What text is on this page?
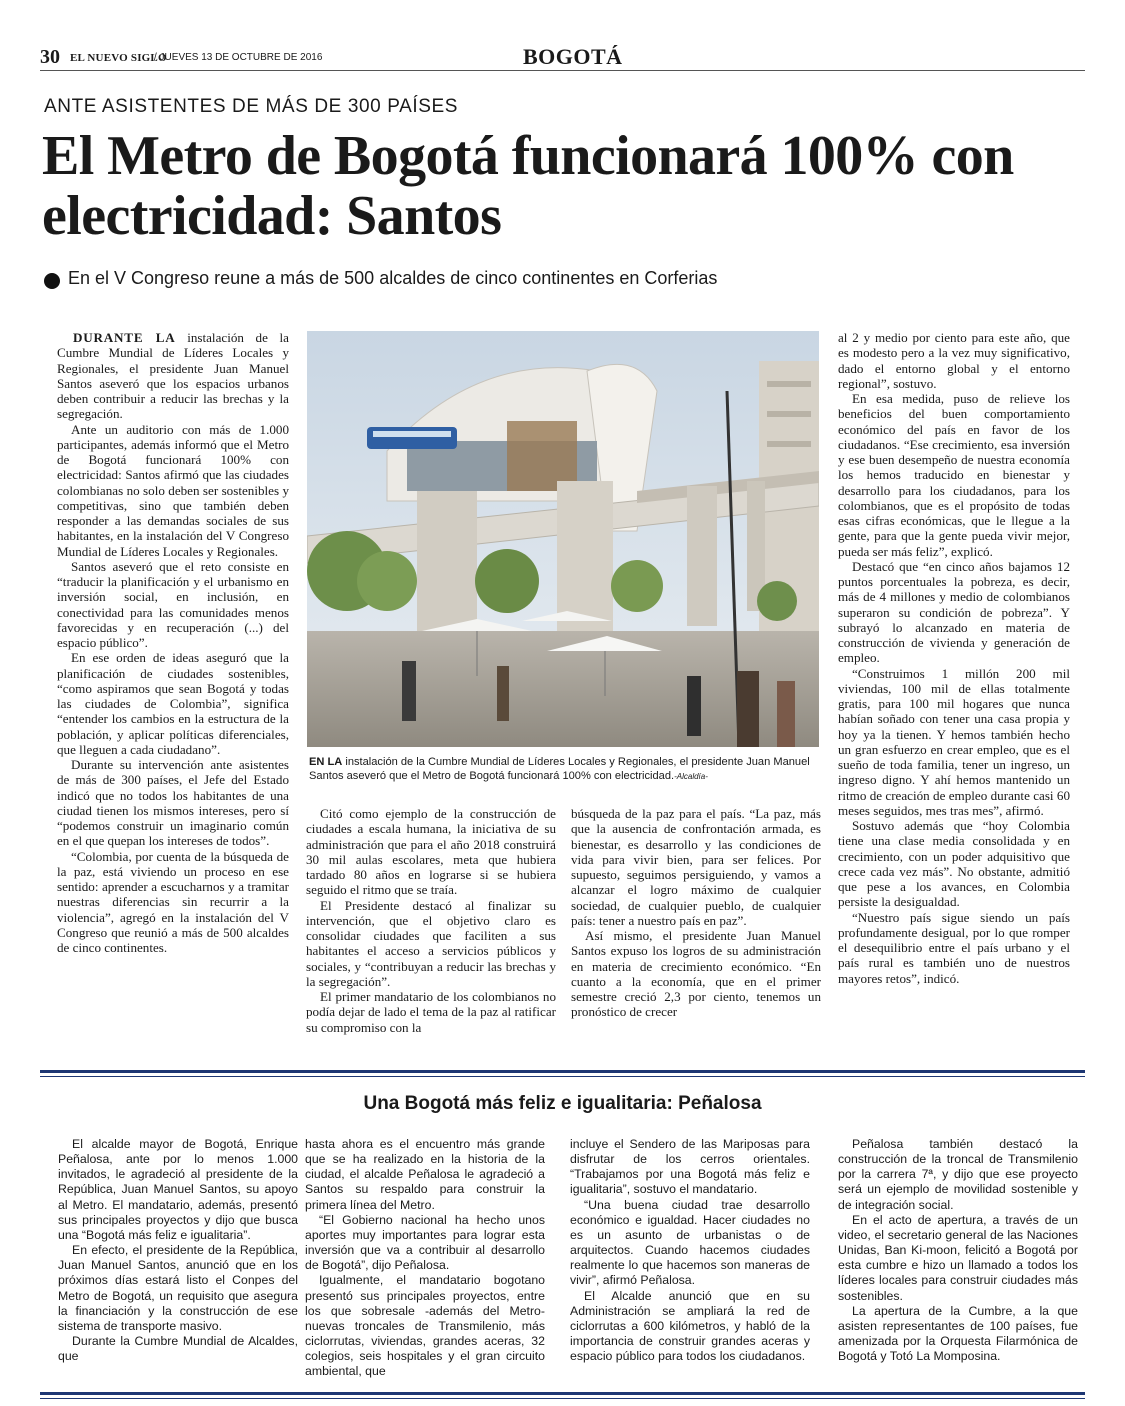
30 EL NUEVO SIGLO
/ JUEVES 13 DE OCTUBRE DE 2016	BOGOTÁ
ANTE ASISTENTES DE MÁS DE 300 PAÍSES
El Metro de Bogotá funcionará 100% con electricidad: Santos
En el V Congreso reune a más de 500 alcaldes de cinco continentes en Corferias

DURANTE LA instalación de la Cumbre Mundial de Líderes Locales y Regionales, el presidente Juan Manuel Santos aseveró que los espacios urbanos deben contribuir a reducir las brechas y la segregación.

Ante un auditorio con más de 1.000 participantes, además informó que el Metro de Bogotá funcionará 100% con electricidad: Santos afirmó que las ciudades colombianas no solo deben ser sostenibles y competitivas, sino que también deben responder a las demandas sociales de sus habitantes, en la instalación del V Congreso Mundial de Líderes Locales y Regionales.

Santos aseveró que el reto consiste en “traducir la planificación y el urbanismo en inversión social, en inclusión, en conectividad para las comunidades menos favorecidas y en recuperación (...) del espacio público”.

En ese orden de ideas aseguró que la planificación de ciudades sostenibles, “como aspiramos que sean Bogotá y todas las ciudades de Colombia”, significa “entender los cambios en la estructura de la población, y aplicar políticas diferenciales, que lleguen a cada ciudadano”.

Durante su intervención ante asistentes de más de 300 países, el Jefe del Estado indicó que no todos los habitantes de una ciudad tienen los mismos intereses, pero sí “podemos construir un imaginario común en el que quepan los intereses de todos”.

“Colombia, por cuenta de la búsqueda de la paz, está viviendo un proceso en ese sentido: aprender a escucharnos y a tramitar nuestras diferencias sin recurrir a la violencia”, agregó en la instalación del V Congreso que reunió a más de 500 alcaldes de cinco continentes.

EN LA instalación de la Cumbre Mundial de Líderes Locales y Regionales, el presidente Juan Manuel Santos aseveró que el Metro de Bogotá funcionará 100% con electricidad.-Alcaldía-

Citó como ejemplo de la construcción de ciudades a escala humana, la iniciativa de su administración que para el año 2018 construirá 30 mil aulas escolares, meta que hubiera tardado 80 años en lograrse si se hubiera seguido el ritmo que se traía.

El Presidente destacó al finalizar su intervención, que el objetivo claro es consolidar ciudades que faciliten a sus habitantes el acceso a servicios públicos y sociales, y “contribuyan a reducir las brechas y la segregación”.

El primer mandatario de los colombianos no podía dejar de lado el tema de la paz al ratificar su compromiso con la

búsqueda de la paz para el país. “La paz, más que la ausencia de confrontación armada, es bienestar, es desarrollo y las condiciones de vida para vivir bien, para ser felices. Por supuesto, seguimos persiguiendo, y vamos a alcanzar el logro máximo de cualquier sociedad, de cualquier pueblo, de cualquier país: tener a nuestro país en paz”.

Así mismo, el presidente Juan Manuel Santos expuso los logros de su administración en materia de crecimiento económico. “En cuanto a la economía, que en el primer semestre creció 2,3 por ciento, tenemos un pronóstico de crecer

al 2 y medio por ciento para este año, que es modesto pero a la vez muy significativo, dado el entorno global y el entorno regional”, sostuvo.

En esa medida, puso de relieve los beneficios del buen comportamiento económico del país en favor de los ciudadanos. “Ese crecimiento, esa inversión y ese buen desempeño de nuestra economía los hemos traducido en bienestar y desarrollo para los ciudadanos, para los colombianos, que es el propósito de todas esas cifras económicas, que le llegue a la gente, para que la gente pueda vivir mejor, pueda ser más feliz”, explicó.

Destacó que “en cinco años bajamos 12 puntos porcentuales la pobreza, es decir, más de 4 millones y medio de colombianos superaron su condición de pobreza”. Y subrayó lo alcanzado en materia de construcción de vivienda y generación de empleo.

“Construimos 1 millón 200 mil viviendas, 100 mil de ellas totalmente gratis, para 100 mil hogares que nunca habían soñado con tener una casa propia y hoy ya la tienen. Y hemos también hecho un gran esfuerzo en crear empleo, que es el sueño de toda familia, tener un ingreso, un ingreso digno. Y ahí hemos mantenido un ritmo de creación de empleo durante casi 60 meses seguidos, mes tras mes”, afirmó.

Sostuvo además que “hoy Colombia tiene una clase media consolidada y en crecimiento, con un poder adquisitivo que crece cada vez más”. No obstante, admitió que pese a los avances, en Colombia persiste la desigualdad.

“Nuestro país sigue siendo un país profundamente desigual, por lo que romper el desequilibrio entre el país urbano y el país rural es también uno de nuestros mayores retos”, indicó.

Una Bogotá más feliz e igualitaria: Peñalosa

El alcalde mayor de Bogotá, Enrique Peñalosa, ante por lo menos 1.000 invitados, le agradeció al presidente de la República, Juan Manuel Santos, su apoyo al Metro. El mandatario, además, presentó sus principales proyectos y dijo que busca una “Bogotá más feliz e igualitaria”.

En efecto, el presidente de la República, Juan Manuel Santos, anunció que en los próximos días estará listo el Conpes del Metro de Bogotá, un requisito que asegura la financiación y la construcción de ese sistema de transporte masivo.

Durante la Cumbre Mundial de Alcaldes, que

hasta ahora es el encuentro más grande que se ha realizado en la historia de la ciudad, el alcalde Peñalosa le agradeció a Santos su respaldo para construir la primera línea del Metro.

“El Gobierno nacional ha hecho unos aportes muy importantes para lograr esta inversión que va a contribuir al desarrollo de Bogotá”, dijo Peñalosa.

Igualmente, el mandatario bogotano presentó sus principales proyectos, entre los que sobresale -además del Metro- nuevas troncales de Transmilenio, más ciclorrutas, viviendas, grandes aceras, 32 colegios, seis hospitales y el gran circuito ambiental, que

incluye el Sendero de las Mariposas para disfrutar de los cerros orientales. “Trabajamos por una Bogotá más feliz e igualitaria”, sostuvo el mandatario.

“Una buena ciudad trae desarrollo económico e igualdad. Hacer ciudades no es un asunto de urbanistas o de arquitectos. Cuando hacemos ciudades realmente lo que hacemos son maneras de vivir”, afirmó Peñalosa.

El Alcalde anunció que en su Administración se ampliará la red de ciclorrutas a 600 kilómetros, y habló de la importancia de construir grandes aceras y espacio público para todos los ciudadanos.

Peñalosa también destacó la construcción de la troncal de Transmilenio por la carrera 7ª, y dijo que ese proyecto será un ejemplo de movilidad sostenible y de integración social.

En el acto de apertura, a través de un video, el secretario general de las Naciones Unidas, Ban Ki-moon, felicitó a Bogotá por esta cumbre e hizo un llamado a todos los líderes locales para construir ciudades más sostenibles.

La apertura de la Cumbre, a la que asisten representantes de 100 países, fue amenizada por la Orquesta Filarmónica de Bogotá y Totó La Momposina.
